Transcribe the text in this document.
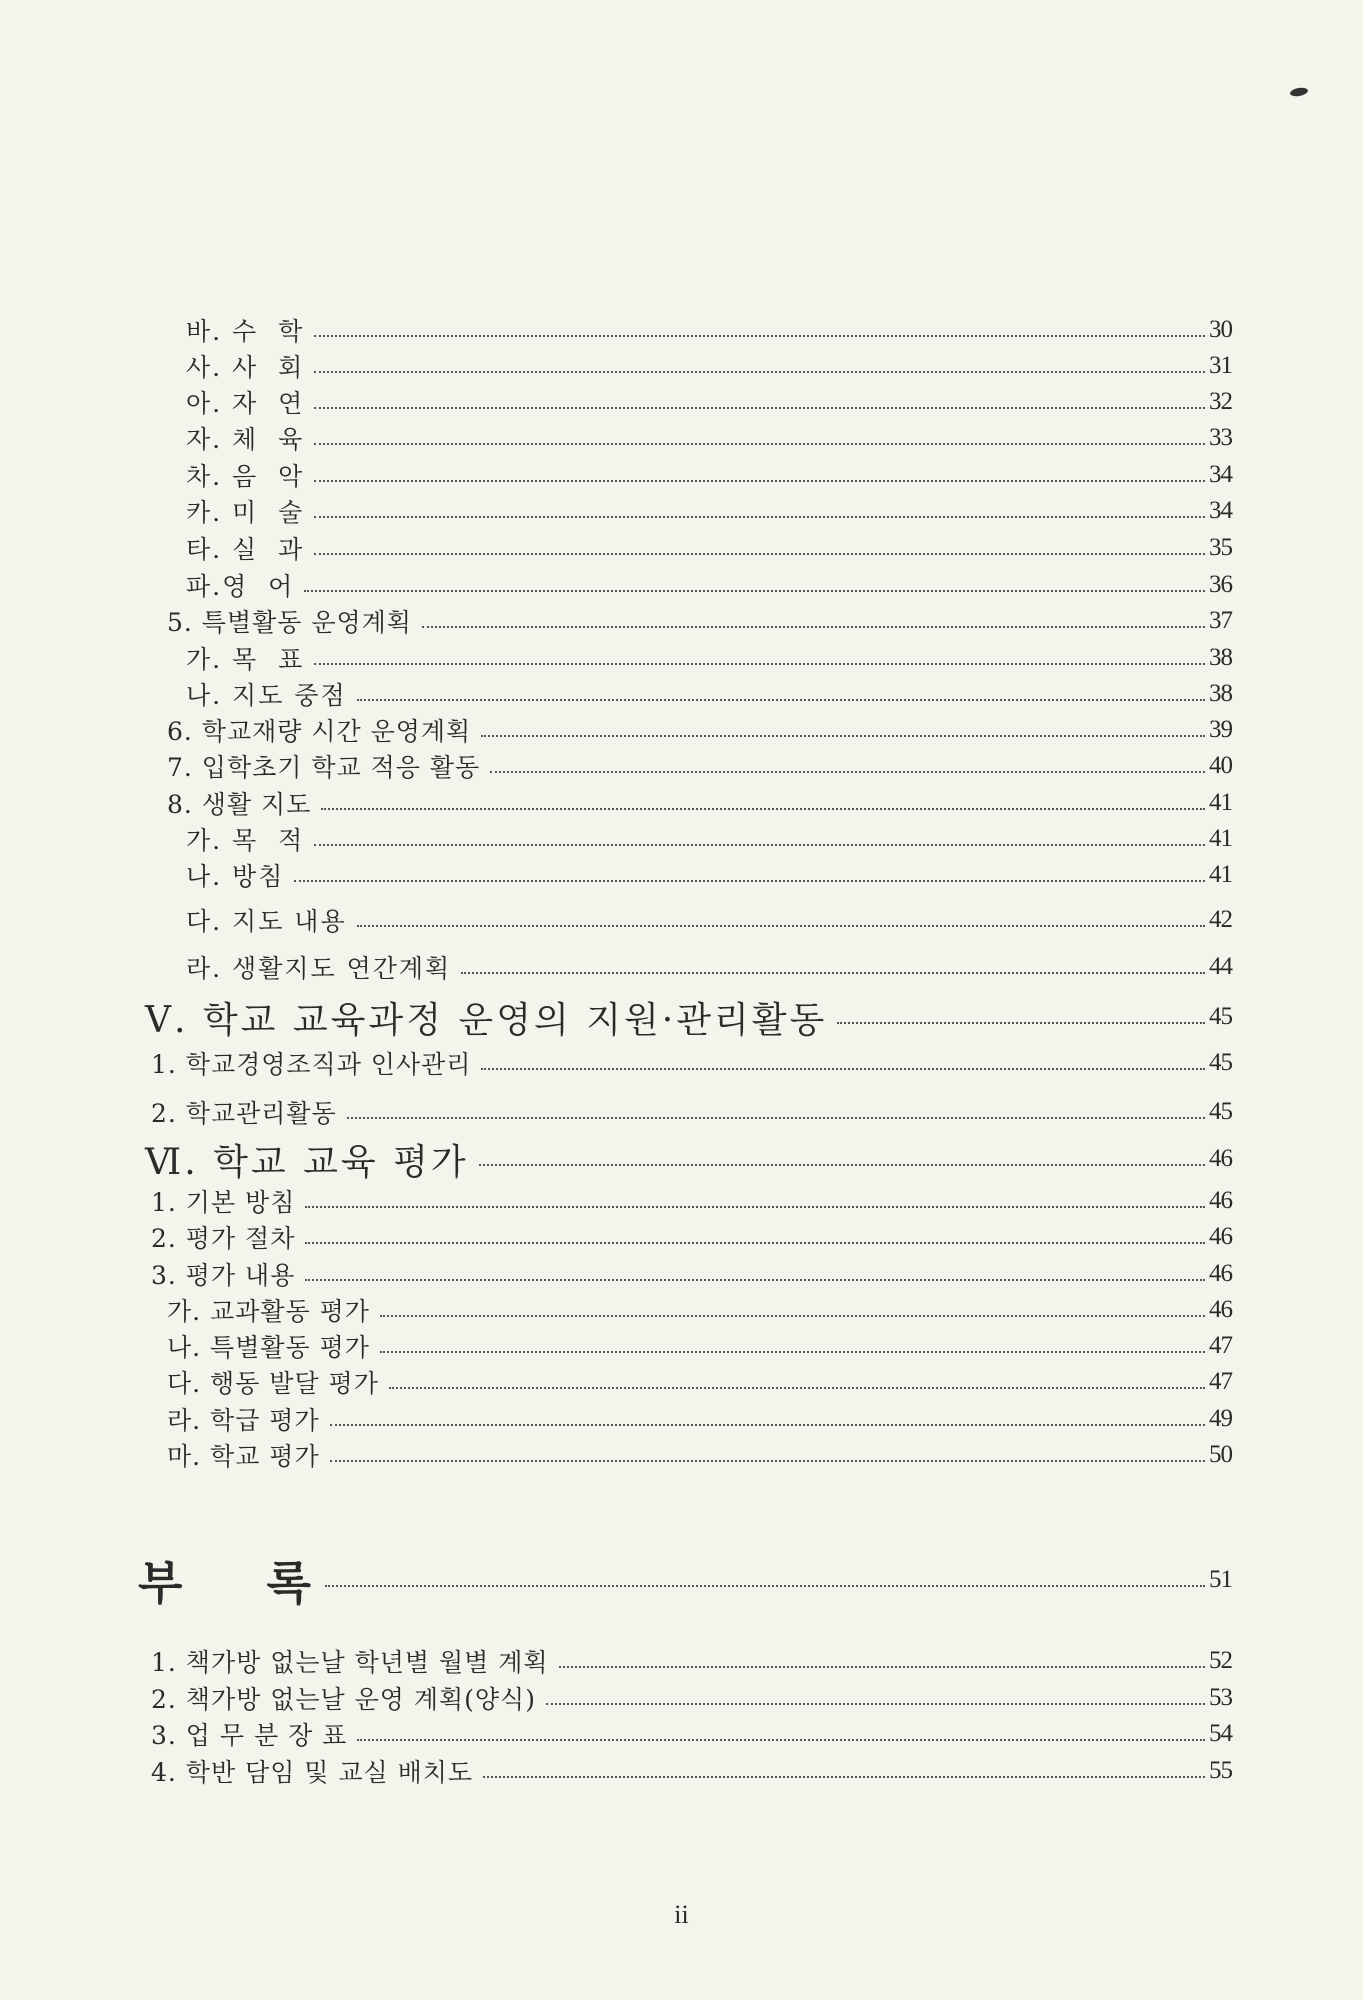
바. 수  학	30
사. 사  회	31
아. 자  연	32
자. 체  육	33
차. 음  악	34
카. 미  술	34
타. 실  과	35
파.영  어	36
5. 특별활동 운영계획	37
가. 목  표	38
나. 지도 중점	38
6. 학교재량 시간 운영계획	39
7. 입학초기 학교 적응 활동	40
8. 생활 지도	41
가. 목  적	41
나. 방침	41
다. 지도 내용	42
라. 생활지도 연간계획	44
Ⅴ. 학교 교육과정 운영의 지원·관리활동	45
1. 학교경영조직과 인사관리	45
2. 학교관리활동	45
Ⅵ. 학교 교육 평가	46
1. 기본 방침	46
2. 평가 절차	46
3. 평가 내용	46
가. 교과활동 평가	46
나. 특별활동 평가	47
다. 행동 발달 평가	47
라. 학급 평가	49
마. 학교 평가	50
부    록	51
1. 책가방 없는날 학년별 월별 계획	52
2. 책가방 없는날 운영 계획(양식)	53
3. 업 무 분 장 표	54
4. 학반 담임 및 교실 배치도	55
ii
